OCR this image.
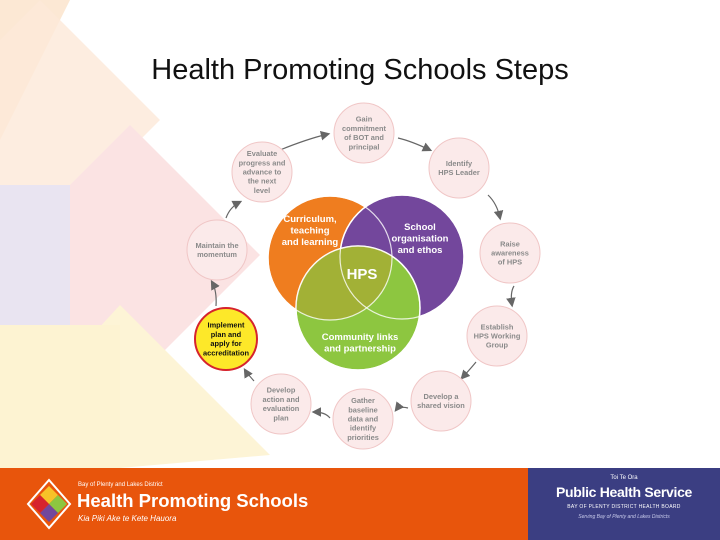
Health Promoting Schools Steps
Curriculum,
teaching
and learning
School
organisation
and ethos
Community links
and partnership
HPS
Gain
commitment
of BOT and
principal
Identify
HPS Leader
Raise
awareness
of HPS
Establish
HPS Working
Group
Develop a
shared vision
Gather
baseline
data and
identify
priorities
Develop
action and
evaluation
plan
Implement
plan and
apply for
accreditation
Maintain the
momentum
Evaluate
progress and
advance to
the next
level
Bay of Plenty and Lakes District
Health Promoting Schools
Kia Piki Ake te Kete Hauora
Toi Te Ora
Public Health Service
BAY OF PLENTY DISTRICT HEALTH BOARD
Serving Bay of Plenty and Lakes Districts
